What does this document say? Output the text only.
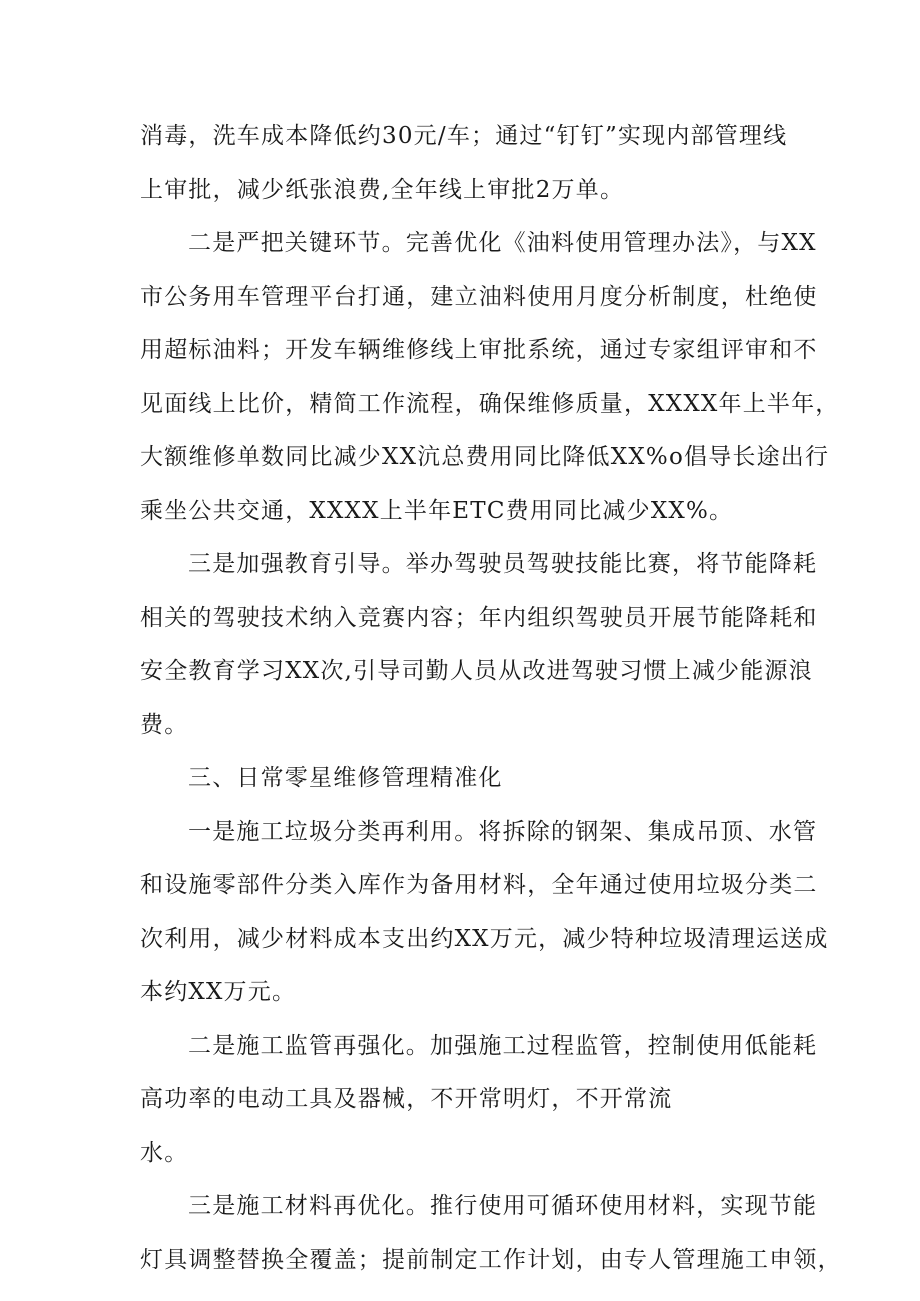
消毒，洗车成本降低约30元/车；通过“钉钉”实现内部管理线
上审批，减少纸张浪费,全年线上审批2万单。
二是严把关键环节。完善优化《油料使用管理办法》，与XX
市公务用车管理平台打通，建立油料使用月度分析制度，杜绝使
用超标油料；开发车辆维修线上审批系统，通过专家组评审和不
见面线上比价，精简工作流程，确保维修质量，XXXX年上半年，
大额维修单数同比减少XX沆总费用同比降低XX%o倡导长途出行
乘坐公共交通，XXXX上半年ETC费用同比减少XX%。
三是加强教育引导。举办驾驶员驾驶技能比赛，将节能降耗
相关的驾驶技术纳入竞赛内容；年内组织驾驶员开展节能降耗和
安全教育学习XX次,引导司勤人员从改进驾驶习惯上减少能源浪
费。
三、日常零星维修管理精准化
一是施工垃圾分类再利用。将拆除的钢架、集成吊顶、水管
和设施零部件分类入库作为备用材料，全年通过使用垃圾分类二
次利用，减少材料成本支出约XX万元，减少特种垃圾清理运送成
本约XX万元。
二是施工监管再强化。加强施工过程监管，控制使用低能耗
高功率的电动工具及器械，不开常明灯，不开常流
水。
三是施工材料再优化。推行使用可循环使用材料，实现节能
灯具调整替换全覆盖；提前制定工作计划，由专人管理施工申领，
